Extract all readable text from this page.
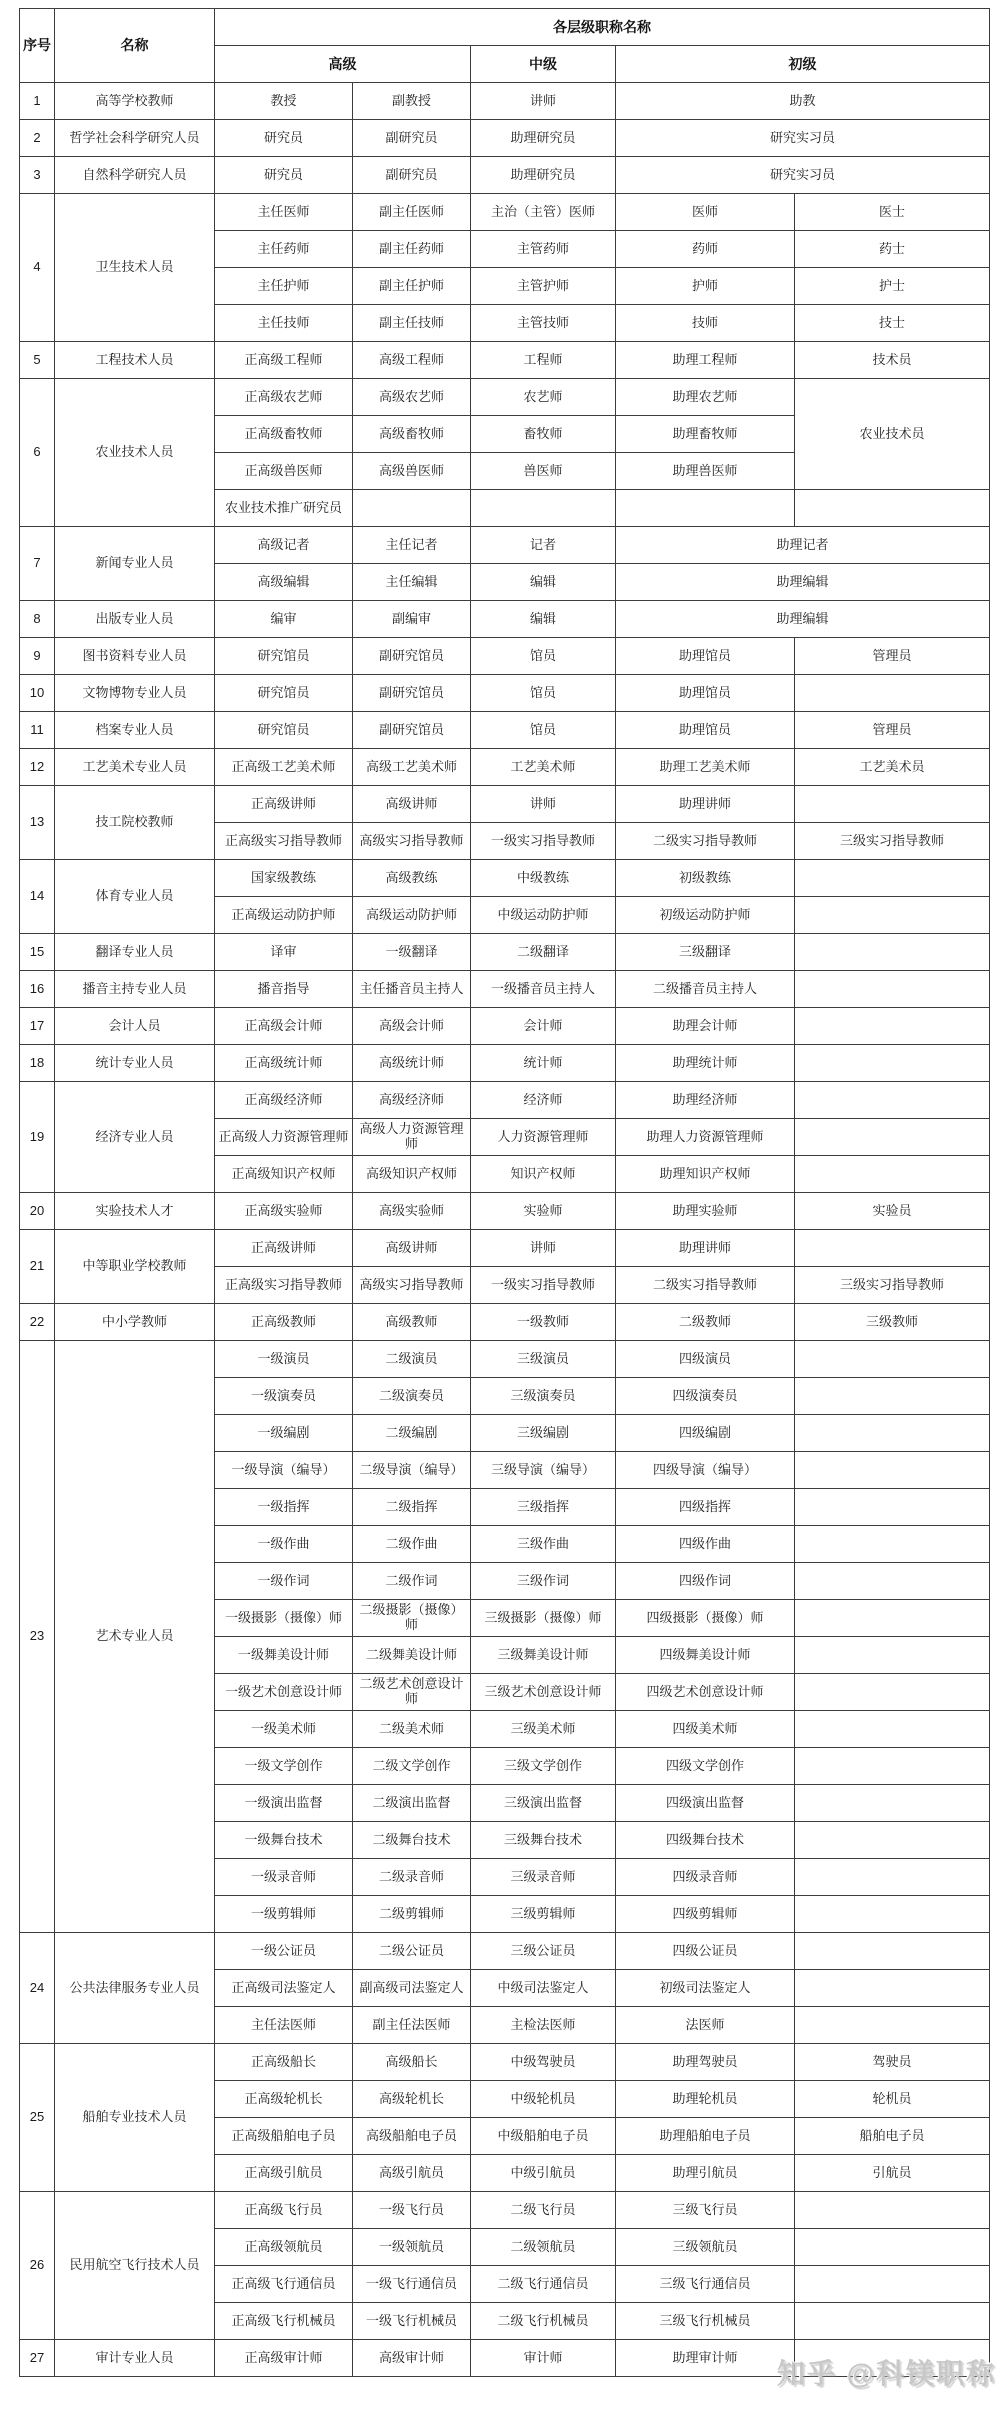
序号	名称	各层级职称名称				
		高级		中级	初级	
1	高等学校教师	教授	副教授	讲师	助教	
2	哲学社会科学研究人员	研究员	副研究员	助理研究员	研究实习员	
3	自然科学研究人员	研究员	副研究员	助理研究员	研究实习员	
4	卫生技术人员	主任医师	副主任医师	主治（主管）医师	医师	医士
		主任药师	副主任药师	主管药师	药师	药士
		主任护师	副主任护师	主管护师	护师	护士
		主任技师	副主任技师	主管技师	技师	技士
5	工程技术人员	正高级工程师	高级工程师	工程师	助理工程师	技术员
6	农业技术人员	正高级农艺师	高级农艺师	农艺师	助理农艺师	农业技术员
		正高级畜牧师	高级畜牧师	畜牧师	助理畜牧师	
		正高级兽医师	高级兽医师	兽医师	助理兽医师	
		农业技术推广研究员				
7	新闻专业人员	高级记者	主任记者	记者	助理记者	
		高级编辑	主任编辑	编辑	助理编辑	
8	出版专业人员	编审	副编审	编辑	助理编辑	
9	图书资料专业人员	研究馆员	副研究馆员	馆员	助理馆员	管理员
10	文物博物专业人员	研究馆员	副研究馆员	馆员	助理馆员	
11	档案专业人员	研究馆员	副研究馆员	馆员	助理馆员	管理员
12	工艺美术专业人员	正高级工艺美术师	高级工艺美术师	工艺美术师	助理工艺美术师	工艺美术员
13	技工院校教师	正高级讲师	高级讲师	讲师	助理讲师	
		正高级实习指导教师	高级实习指导教师	一级实习指导教师	二级实习指导教师	三级实习指导教师
14	体育专业人员	国家级教练	高级教练	中级教练	初级教练	
		正高级运动防护师	高级运动防护师	中级运动防护师	初级运动防护师	
15	翻译专业人员	译审	一级翻译	二级翻译	三级翻译	
16	播音主持专业人员	播音指导	主任播音员主持人	一级播音员主持人	二级播音员主持人	
17	会计人员	正高级会计师	高级会计师	会计师	助理会计师	
18	统计专业人员	正高级统计师	高级统计师	统计师	助理统计师	
19	经济专业人员	正高级经济师	高级经济师	经济师	助理经济师	
		正高级人力资源管理师	高级人力资源管理师	人力资源管理师	助理人力资源管理师	
		正高级知识产权师	高级知识产权师	知识产权师	助理知识产权师	
20	实验技术人才	正高级实验师	高级实验师	实验师	助理实验师	实验员
21	中等职业学校教师	正高级讲师	高级讲师	讲师	助理讲师	
		正高级实习指导教师	高级实习指导教师	一级实习指导教师	二级实习指导教师	三级实习指导教师
22	中小学教师	正高级教师	高级教师	一级教师	二级教师	三级教师
23	艺术专业人员	一级演员	二级演员	三级演员	四级演员	
		一级演奏员	二级演奏员	三级演奏员	四级演奏员	
		一级编剧	二级编剧	三级编剧	四级编剧	
		一级导演（编导）	二级导演（编导）	三级导演（编导）	四级导演（编导）	
		一级指挥	二级指挥	三级指挥	四级指挥	
		一级作曲	二级作曲	三级作曲	四级作曲	
		一级作词	二级作词	三级作词	四级作词	
		一级摄影（摄像）师	二级摄影（摄像）师	三级摄影（摄像）师	四级摄影（摄像）师	
		一级舞美设计师	二级舞美设计师	三级舞美设计师	四级舞美设计师	
		一级艺术创意设计师	二级艺术创意设计师	三级艺术创意设计师	四级艺术创意设计师	
		一级美术师	二级美术师	三级美术师	四级美术师	
		一级文学创作	二级文学创作	三级文学创作	四级文学创作	
		一级演出监督	二级演出监督	三级演出监督	四级演出监督	
		一级舞台技术	二级舞台技术	三级舞台技术	四级舞台技术	
		一级录音师	二级录音师	三级录音师	四级录音师	
		一级剪辑师	二级剪辑师	三级剪辑师	四级剪辑师	
24	公共法律服务专业人员	一级公证员	二级公证员	三级公证员	四级公证员	
		正高级司法鉴定人	副高级司法鉴定人	中级司法鉴定人	初级司法鉴定人	
		主任法医师	副主任法医师	主检法医师	法医师	
25	船舶专业技术人员	正高级船长	高级船长	中级驾驶员	助理驾驶员	驾驶员
		正高级轮机长	高级轮机长	中级轮机员	助理轮机员	轮机员
		正高级船舶电子员	高级船舶电子员	中级船舶电子员	助理船舶电子员	船舶电子员
		正高级引航员	高级引航员	中级引航员	助理引航员	引航员
26	民用航空飞行技术人员	正高级飞行员	一级飞行员	二级飞行员	三级飞行员	
		正高级领航员	一级领航员	二级领航员	三级领航员	
		正高级飞行通信员	一级飞行通信员	二级飞行通信员	三级飞行通信员	
		正高级飞行机械员	一级飞行机械员	二级飞行机械员	三级飞行机械员	
27	审计专业人员	正高级审计师	高级审计师	审计师	助理审计师	
知乎 @科镁职称
